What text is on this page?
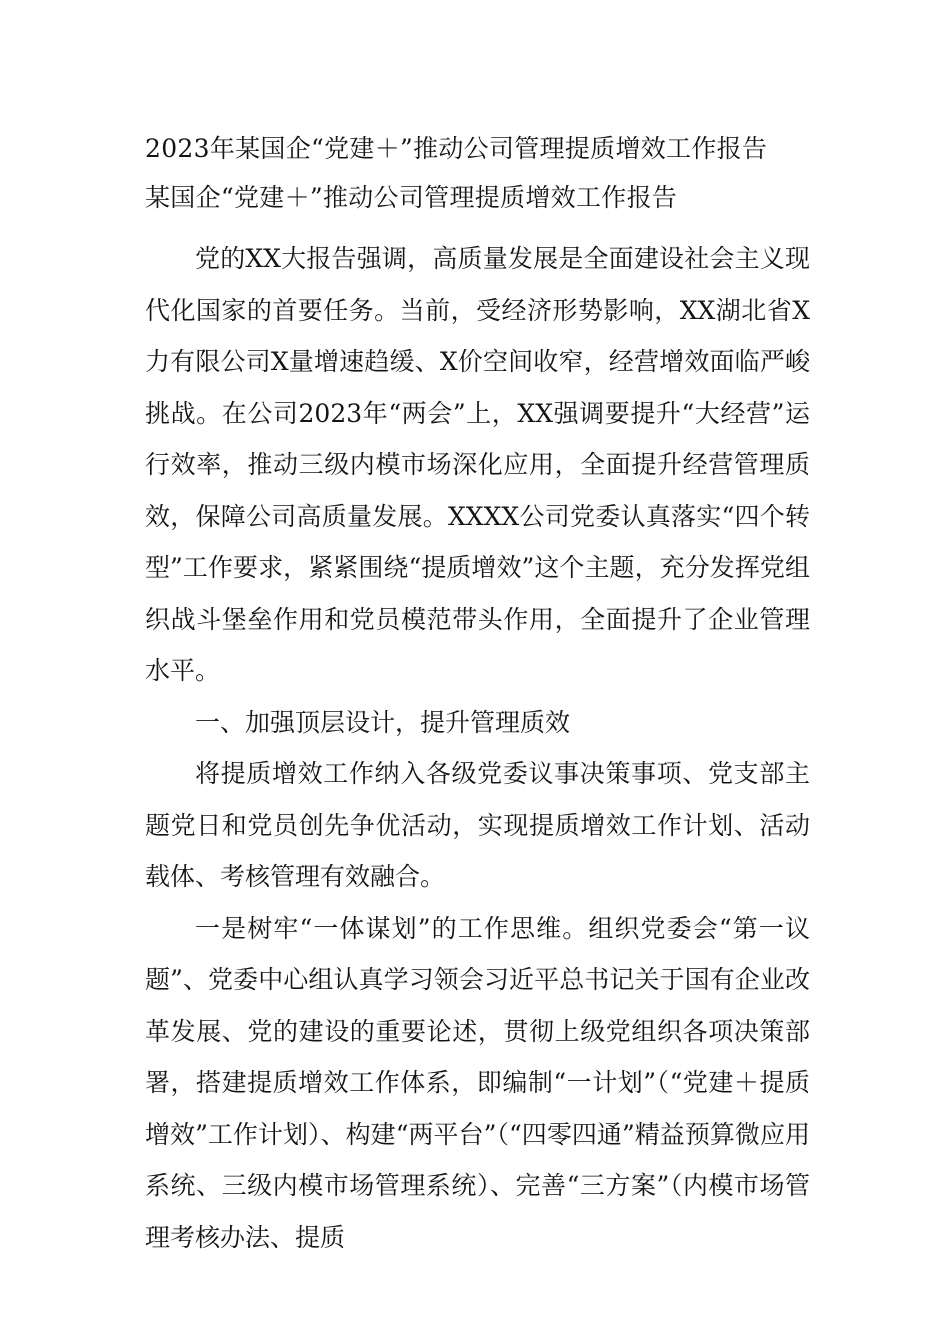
2023年某国企“党建＋”推动公司管理提质增效工作报告

某国企“党建＋”推动公司管理提质增效工作报告

党的XX大报告强调，高质量发展是全面建设社会主义现代化国家的首要任务。当前，受经济形势影响，XX湖北省X力有限公司X量增速趋缓、X价空间收窄，经营增效面临严峻挑战。在公司2023年“两会”上，XX强调要提升“大经营”运行效率，推动三级内模市场深化应用，全面提升经营管理质效，保障公司高质量发展。XXXX公司党委认真落实“四个转型”工作要求，紧紧围绕“提质增效”这个主题，充分发挥党组织战斗堡垒作用和党员模范带头作用，全面提升了企业管理水平。

一、加强顶层设计，提升管理质效

将提质增效工作纳入各级党委议事决策事项、党支部主题党日和党员创先争优活动，实现提质增效工作计划、活动载体、考核管理有效融合。

一是树牢“一体谋划”的工作思维。组织党委会“第一议题”、党委中心组认真学习领会习近平总书记关于国有企业改革发展、党的建设的重要论述，贯彻上级党组织各项决策部署，搭建提质增效工作体系，即编制“一计划”（“党建＋提质增效”工作计划）、构建“两平台”（“四零四通”精益预算微应用系统、三级内模市场管理系统）、完善“三方案”（内模市场管理考核办法、提质
